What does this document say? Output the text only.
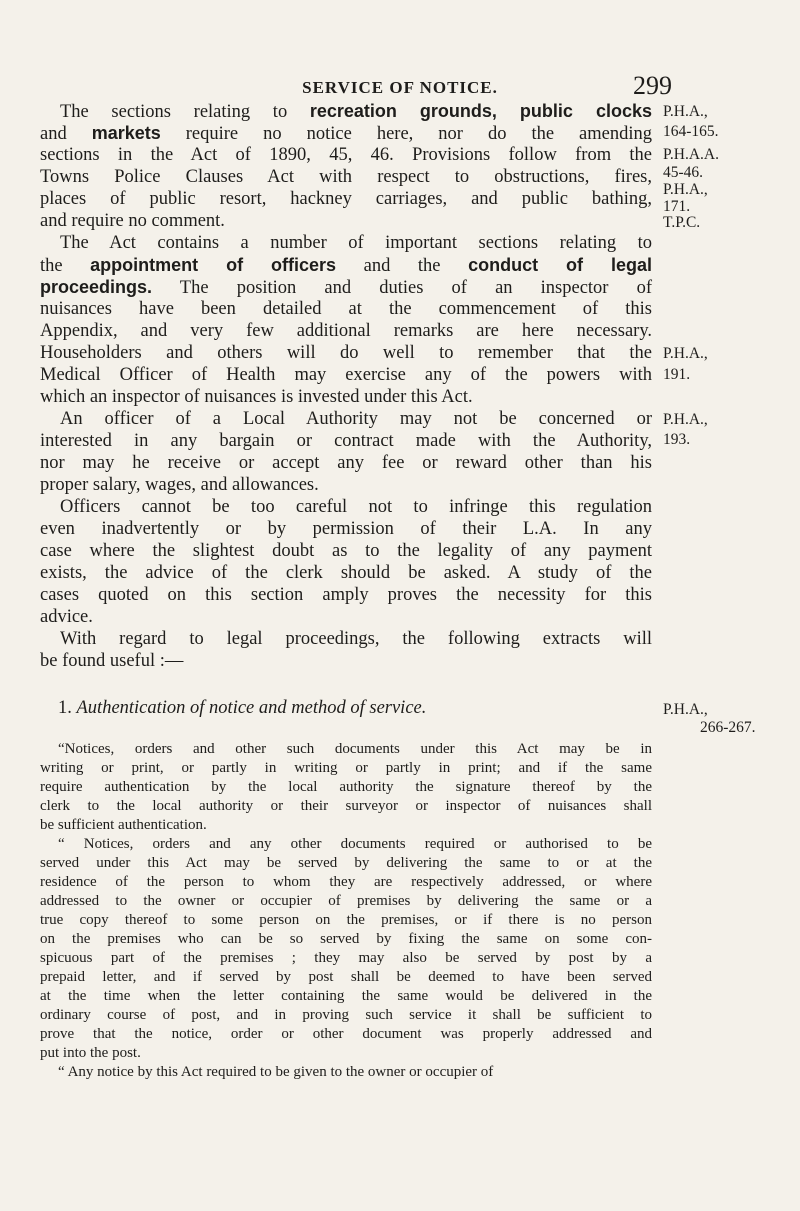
SERVICE OF NOTICE.	299
The sections relating to recreation grounds, public clocks
and markets require no notice here, nor do the amending
sections in the Act of 1890, 45, 46. Provisions follow from the
Towns Police Clauses Act with respect to obstructions, fires,
places of public resort, hackney carriages, and public bathing,
and require no comment.
The Act contains a number of important sections relating to
the appointment of officers and the conduct of legal
proceedings. The position and duties of an inspector of
nuisances have been detailed at the commencement of this
Appendix, and very few additional remarks are here necessary.
Householders and others will do well to remember that the
Medical Officer of Health may exercise any of the powers with
which an inspector of nuisances is invested under this Act.
An officer of a Local Authority may not be concerned or
interested in any bargain or contract made with the Authority,
nor may he receive or accept any fee or reward other than his
proper salary, wages, and allowances.
Officers cannot be too careful not to infringe this regulation
even inadvertently or by permission of their L.A. In any
case where the slightest doubt as to the legality of any payment
exists, the advice of the clerk should be asked. A study of the
cases quoted on this section amply proves the necessity for this
advice.
With regard to legal proceedings, the following extracts will
be found useful :—
1. Authentication of notice and method of service.
“Notices, orders and other such documents under this Act may be in
writing or print, or partly in writing or partly in print; and if the same
require authentication by the local authority the signature thereof by the
clerk to the local authority or their surveyor or inspector of nuisances shall
be sufficient authentication.
“ Notices, orders and any other documents required or authorised to be
served under this Act may be served by delivering the same to or at the
residence of the person to whom they are respectively addressed, or where
addressed to the owner or occupier of premises by delivering the same or a
true copy thereof to some person on the premises, or if there is no person
on the premises who can be so served by fixing the same on some con-
spicuous part of the premises ; they may also be served by post by a
prepaid letter, and if served by post shall be deemed to have been served
at the time when the letter containing the same would be delivered in the
ordinary course of post, and in proving such service it shall be sufficient to
prove that the notice, order or other document was properly addressed and
put into the post.
“ Any notice by this Act required to be given to the owner or occupier of
P.H.A.,
164-165.
P.H.A.A.
45-46.
P.H.A.,
171.
T.P.C.
P.H.A.,
191.
P.H.A.,
193.
P.H.A.,
266-267.
